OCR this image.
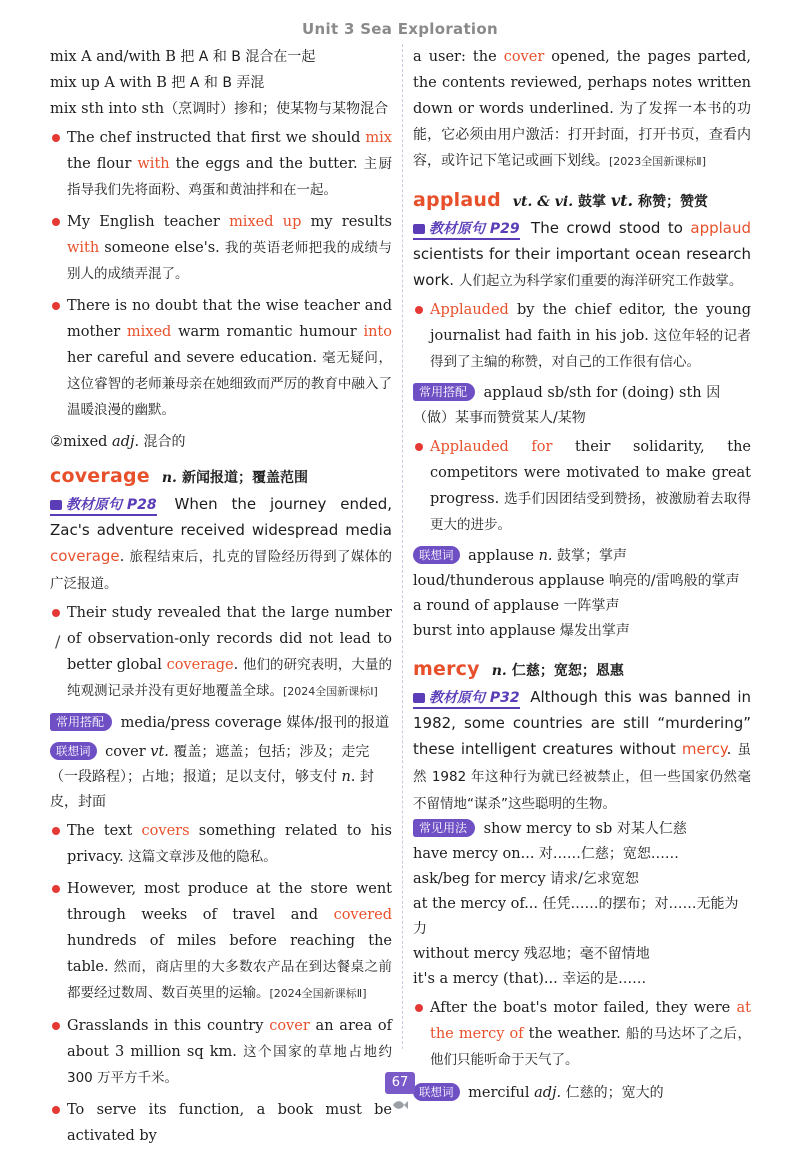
Unit 3 Sea Exploration
/
mix A and/with B 把 A 和 B 混合在一起
mix up A with B 把 A 和 B 弄混
mix sth into sth（烹调时）掺和；使某物与某物混合
The chef instructed that first we should mix the flour with the eggs and the butter. 主厨指导我们先将面粉、鸡蛋和黄油拌和在一起。
My English teacher mixed up my results with someone else's. 我的英语老师把我的成绩与别人的成绩弄混了。
There is no doubt that the wise teacher and mother mixed warm romantic humour into her careful and severe education. 毫无疑问，这位睿智的老师兼母亲在她细致而严厉的教育中融入了温暖浪漫的幽默。
②mixed adj. 混合的
coverage n. 新闻报道；覆盖范围
教材原句 P28 When the journey ended, Zac's adventure received widespread media coverage. 旅程结束后，扎克的冒险经历得到了媒体的广泛报道。
Their study revealed that the large number of observation-only records did not lead to better global coverage. 他们的研究表明，大量的纯观测记录并没有更好地覆盖全球。[2024全国新课标Ⅰ]
常用搭配 media/press coverage 媒体/报刊的报道
联想词 cover vt. 覆盖；遮盖；包括；涉及；走完（一段路程）；占地；报道；足以支付，够支付 n. 封皮，封面
The text covers something related to his privacy. 这篇文章涉及他的隐私。
However, most produce at the store went through weeks of travel and covered hundreds of miles before reaching the table. 然而，商店里的大多数农产品在到达餐桌之前都要经过数周、数百英里的运输。[2024全国新课标Ⅱ]
Grasslands in this country cover an area of about 3 million sq km. 这个国家的草地占地约 300 万平方千米。
To serve its function, a book must be activated by
a user: the cover opened, the pages parted, the contents reviewed, perhaps notes written down or words underlined. 为了发挥一本书的功能，它必须由用户激活：打开封面，打开书页，查看内容，或许记下笔记或画下划线。[2023全国新课标Ⅱ]
applaud vt. & vi. 鼓掌 vt. 称赞；赞赏
教材原句 P29 The crowd stood to applaud scientists for their important ocean research work. 人们起立为科学家们重要的海洋研究工作鼓掌。
Applauded by the chief editor, the young journalist had faith in his job. 这位年轻的记者得到了主编的称赞，对自己的工作很有信心。
常用搭配 applaud sb/sth for (doing) sth 因（做）某事而赞赏某人/某物
Applauded for their solidarity, the competitors were motivated to make great progress. 选手们因团结受到赞扬，被激励着去取得更大的进步。
联想词 applause n. 鼓掌；掌声
loud/thunderous applause 响亮的/雷鸣般的掌声
a round of applause 一阵掌声
burst into applause 爆发出掌声
mercy n. 仁慈；宽恕；恩惠
教材原句 P32 Although this was banned in 1982, some countries are still “murdering” these intelligent creatures without mercy. 虽然 1982 年这种行为就已经被禁止，但一些国家仍然毫不留情地“谋杀”这些聪明的生物。
常见用法 show mercy to sb 对某人仁慈
have mercy on... 对……仁慈；宽恕……
ask/beg for mercy 请求/乞求宽恕
at the mercy of... 任凭……的摆布；对……无能为力
without mercy 残忍地；毫不留情地
it's a mercy (that)... 幸运的是……
After the boat's motor failed, they were at the mercy of the weather. 船的马达坏了之后，他们只能听命于天气了。
联想词 merciful adj. 仁慈的；宽大的
67
